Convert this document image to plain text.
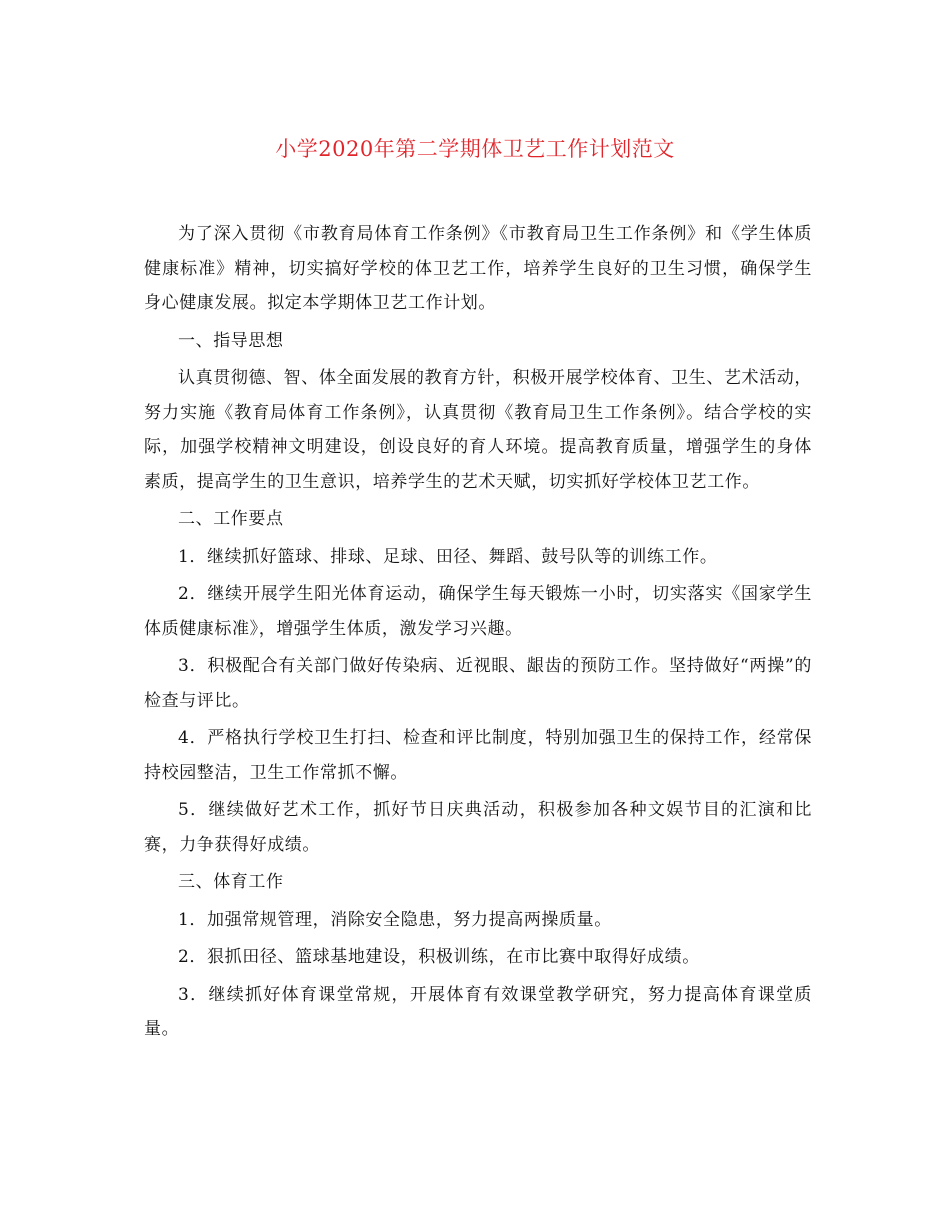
小学2020年第二学期体卫艺工作计划范文

为了深入贯彻《市教育局体育工作条例》《市教育局卫生工作条例》和《学生体质健康标准》精神，切实搞好学校的体卫艺工作，培养学生良好的卫生习惯，确保学生身心健康发展。拟定本学期体卫艺工作计划。

一、指导思想

认真贯彻德、智、体全面发展的教育方针，积极开展学校体育、卫生、艺术活动，努力实施《教育局体育工作条例》，认真贯彻《教育局卫生工作条例》。结合学校的实际，加强学校精神文明建设，创设良好的育人环境。提高教育质量，增强学生的身体素质，提高学生的卫生意识，培养学生的艺术天赋，切实抓好学校体卫艺工作。

二、工作要点

1．继续抓好篮球、排球、足球、田径、舞蹈、鼓号队等的训练工作。

2．继续开展学生阳光体育运动，确保学生每天锻炼一小时，切实落实《国家学生体质健康标准》，增强学生体质，激发学习兴趣。

3．积极配合有关部门做好传染病、近视眼、龈齿的预防工作。坚持做好“两操”的检查与评比。

4．严格执行学校卫生打扫、检查和评比制度，特别加强卫生的保持工作，经常保持校园整洁，卫生工作常抓不懈。

5．继续做好艺术工作，抓好节日庆典活动，积极参加各种文娱节目的汇演和比赛，力争获得好成绩。

三、体育工作

1．加强常规管理，消除安全隐患，努力提高两操质量。

2．狠抓田径、篮球基地建设，积极训练，在市比赛中取得好成绩。

3．继续抓好体育课堂常规，开展体育有效课堂教学研究，努力提高体育课堂质量。
